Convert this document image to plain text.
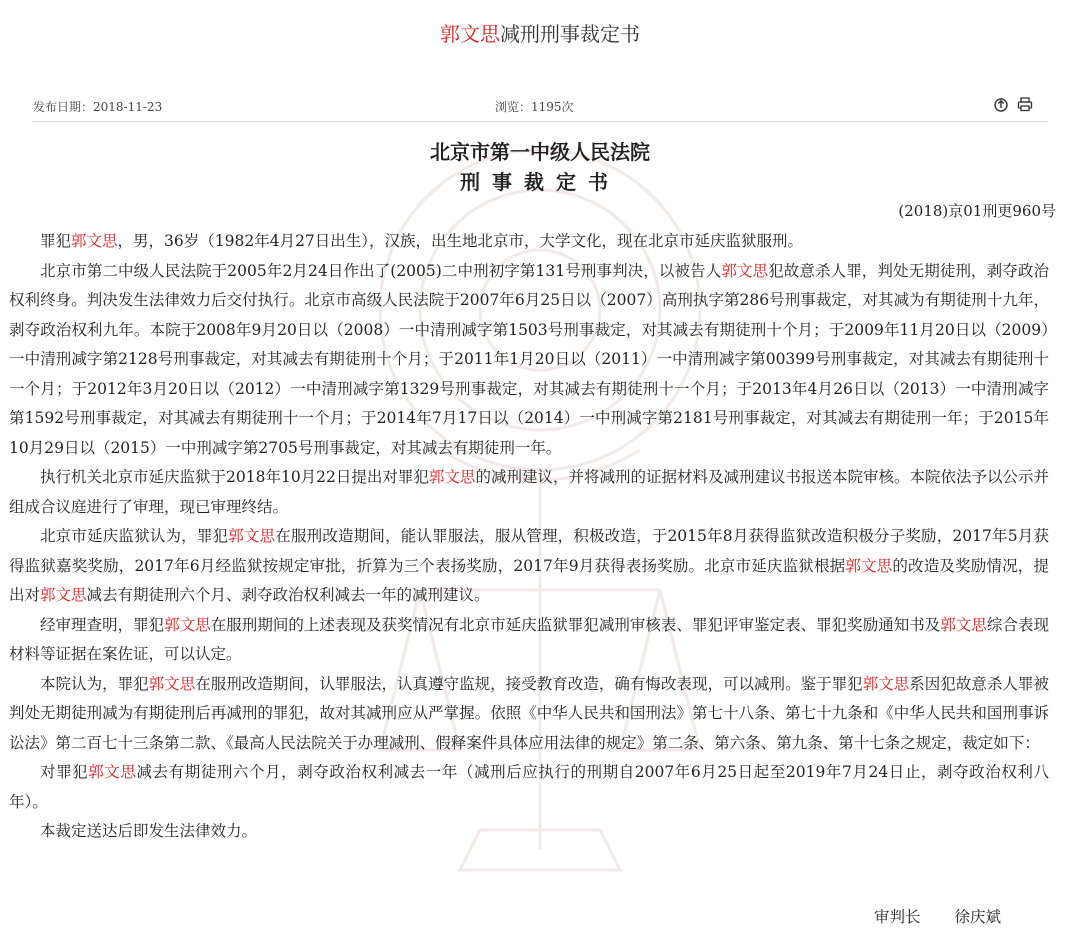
郭文思减刑刑事裁定书
发布日期：2018-11-23	浏览：1195次
北京市第一中级人民法院
刑事裁定书
(2018)京01刑更960号

罪犯郭文思，男，36岁（1982年4月27日出生），汉族，出生地北京市，大学文化，现在北京市延庆监狱服刑。

北京市第二中级人民法院于2005年2月24日作出了(2005)二中刑初字第131号刑事判决，以被告人郭文思犯故意杀人罪，判处无期徒刑，剥夺政治权利终身。判决发生法律效力后交付执行。北京市高级人民法院于2007年6月25日以（2007）高刑执字第286号刑事裁定，对其减为有期徒刑十九年，剥夺政治权利九年。本院于2008年9月20日以（2008）一中清刑减字第1503号刑事裁定，对其减去有期徒刑十个月；于2009年11月20日以（2009）一中清刑减字第2128号刑事裁定，对其减去有期徒刑十个月；于2011年1月20日以（2011）一中清刑减字第00399号刑事裁定，对其减去有期徒刑十一个月；于2012年3月20日以（2012）一中清刑减字第1329号刑事裁定，对其减去有期徒刑十一个月；于2013年4月26日以（2013）一中清刑减字第1592号刑事裁定，对其减去有期徒刑十一个月；于2014年7月17日以（2014）一中刑减字第2181号刑事裁定，对其减去有期徒刑一年；于2015年10月29日以（2015）一中刑减字第2705号刑事裁定，对其减去有期徒刑一年。

执行机关北京市延庆监狱于2018年10月22日提出对罪犯郭文思的减刑建议，并将减刑的证据材料及减刑建议书报送本院审核。本院依法予以公示并组成合议庭进行了审理，现已审理终结。

北京市延庆监狱认为，罪犯郭文思在服刑改造期间，能认罪服法，服从管理，积极改造，于2015年8月获得监狱改造积极分子奖励，2017年5月获得监狱嘉奖奖励，2017年6月经监狱按规定审批，折算为三个表扬奖励，2017年9月获得表扬奖励。北京市延庆监狱根据郭文思的改造及奖励情况，提出对郭文思减去有期徒刑六个月、剥夺政治权利减去一年的减刑建议。

经审理查明，罪犯郭文思在服刑期间的上述表现及获奖情况有北京市延庆监狱罪犯减刑审核表、罪犯评审鉴定表、罪犯奖励通知书及郭文思综合表现材料等证据在案佐证，可以认定。

本院认为，罪犯郭文思在服刑改造期间，认罪服法，认真遵守监规，接受教育改造，确有悔改表现，可以减刑。鉴于罪犯郭文思系因犯故意杀人罪被判处无期徒刑减为有期徒刑后再减刑的罪犯，故对其减刑应从严掌握。依照《中华人民共和国刑法》第七十八条、第七十九条和《中华人民共和国刑事诉讼法》第二百七十三条第二款、《最高人民法院关于办理减刑、假释案件具体应用法律的规定》第二条、第六条、第九条、第十七条之规定，裁定如下：

对罪犯郭文思减去有期徒刑六个月，剥夺政治权利减去一年（减刑后应执行的刑期自2007年6月25日起至2019年7月24日止，剥夺政治权利八年）。

本裁定送达后即发生法律效力。

审判长 徐庆斌
